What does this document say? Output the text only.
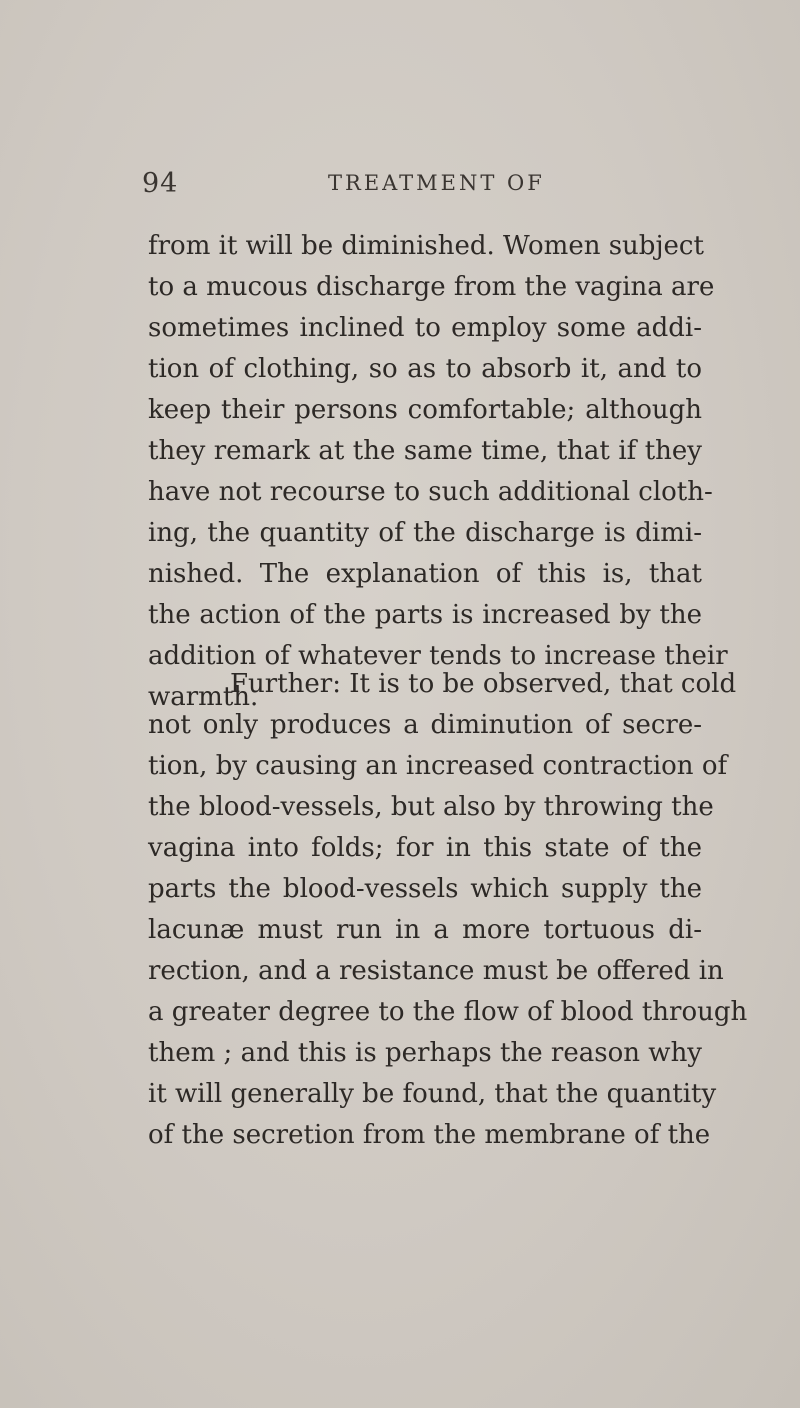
94	TREATMENT OF
from it will be diminished. Women subject
to a mucous discharge from the vagina are
sometimes inclined to employ some addi-
tion of clothing, so as to absorb it, and to
keep their persons comfortable; although
they remark at the same time, that if they
have not recourse to such additional cloth-
ing, the quantity of the discharge is dimi-
nished. The explanation of this is, that
the action of the parts is increased by the
addition of whatever tends to increase their
warmth.
Further: It is to be observed, that cold
not only produces a diminution of secre-
tion, by causing an increased contraction of
the blood-vessels, but also by throwing the
vagina into folds; for in this state of the
parts the blood-vessels which supply the
lacunæ must run in a more tortuous di-
rection, and a resistance must be offered in
a greater degree to the flow of blood through
them ; and this is perhaps the reason why
it will generally be found, that the quantity
of the secretion from the membrane of the
